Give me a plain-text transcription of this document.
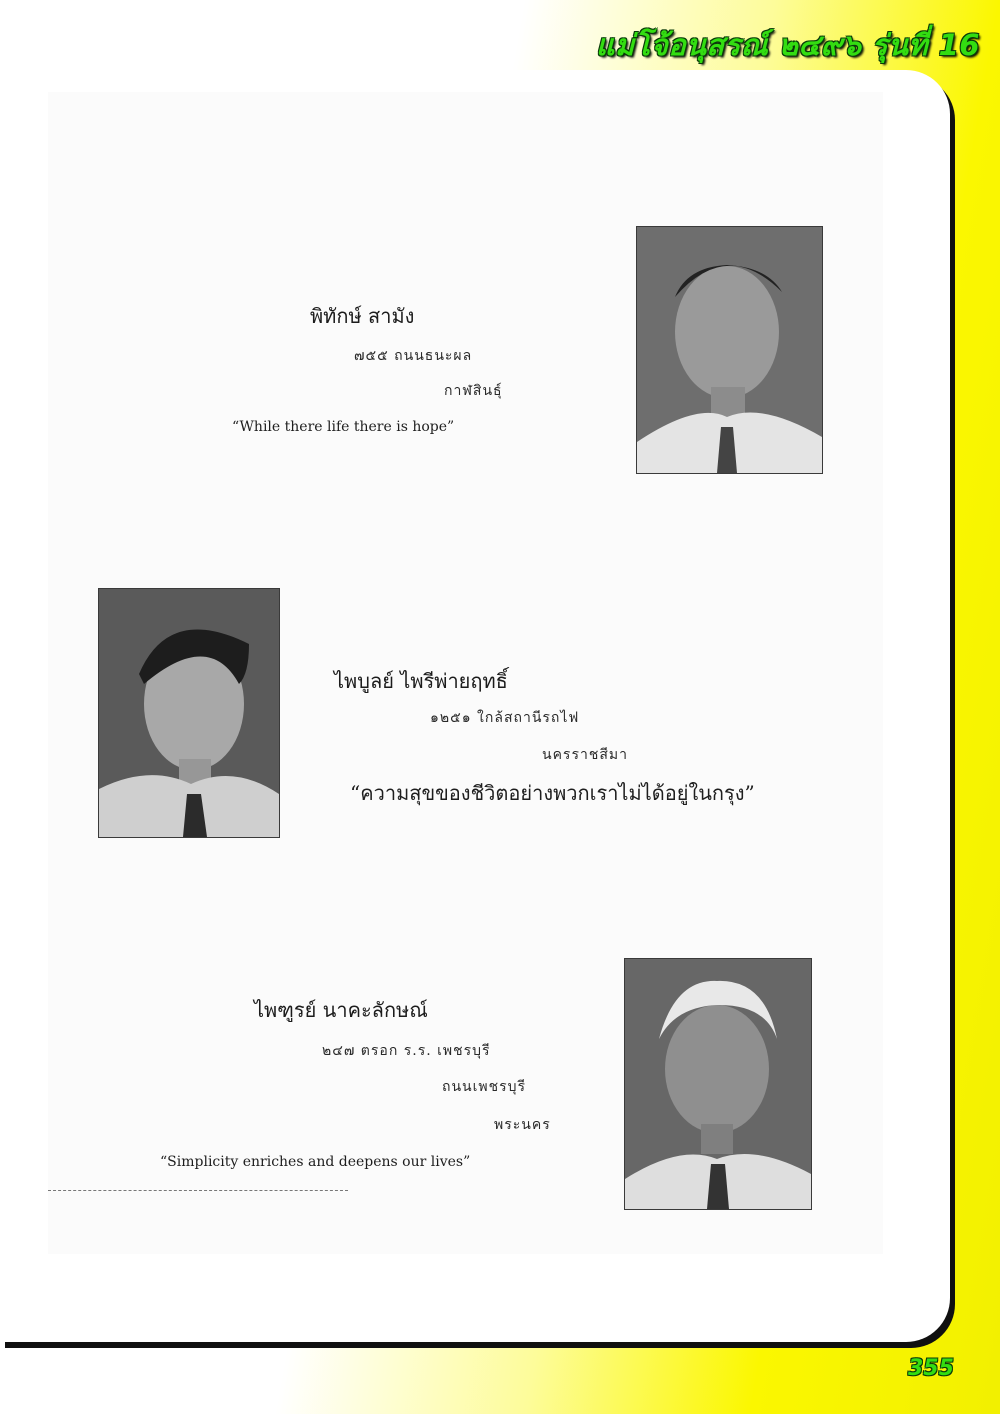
แม่โจ้อนุสรณ์ ๒๔๙๖ รุ่นที่ 16
พิทักษ์ สามัง
๗๕๕ ถนนธนะผล
กาฬสินธุ์
“While there life there is hope”
ไพบูลย์ ไพรีพ่ายฤทธิ์
๑๒๕๑ ใกล้สถานีรถไฟ
นครราชสีมา
“ความสุขของชีวิตอย่างพวกเราไม่ได้อยู่ในกรุง”
ไพฑูรย์ นาคะลักษณ์
๒๔๗ ตรอก ร.ร. เพชรบุรี
ถนนเพชรบุรี
พระนคร
“Simplicity enriches and deepens our lives”
355
